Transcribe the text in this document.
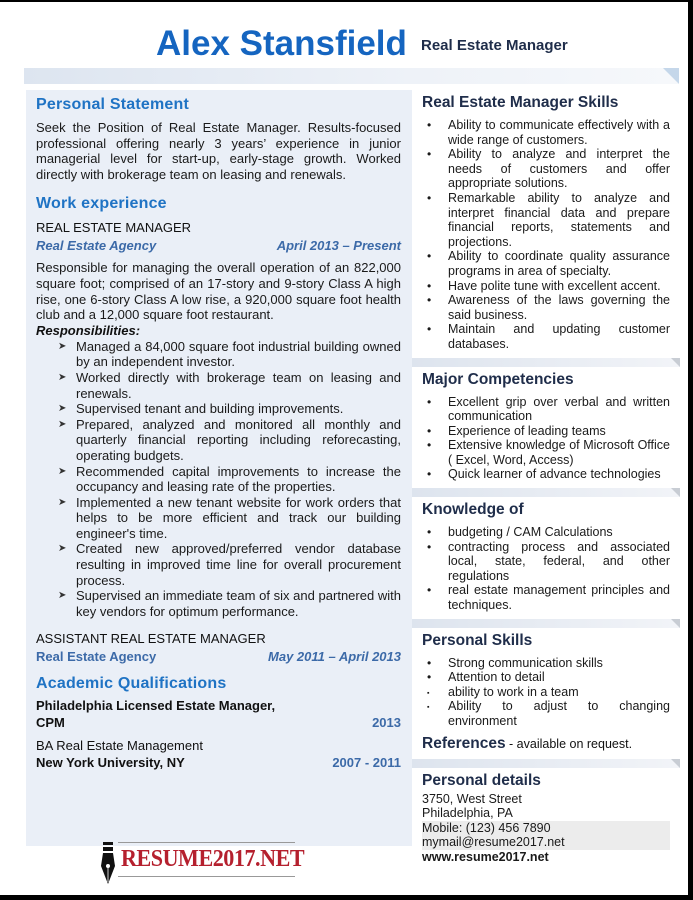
Alex Stansfield Real Estate Manager
Personal Statement
Seek the Position of Real Estate Manager. Results-focused professional offering nearly 3 years’ experience in junior managerial level for start-up, early-stage growth. Worked directly with brokerage team on leasing and renewals.
Work experience
REAL ESTATE MANAGER
Real Estate Agency	April 2013 – Present
Responsible for managing the overall operation of an 822,000 square foot; comprised of an 17-story and 9-story Class A high rise, one 6-story Class A low rise, a 920,000 square foot health club and a 12,000 square foot restaurant.
Responsibilities:
➤ Managed a 84,000 square foot industrial building owned by an independent investor.
➤ Worked directly with brokerage team on leasing and renewals.
➤ Supervised tenant and building improvements.
➤ Prepared, analyzed and monitored all monthly and quarterly financial reporting including reforecasting, operating budgets.
➤ Recommended capital improvements to increase the occupancy and leasing rate of the properties.
➤ Implemented a new tenant website for work orders that helps to be more efficient and track our building engineer's time.
➤ Created new approved/preferred vendor database resulting in improved time line for overall procurement process.
➤ Supervised an immediate team of six and partnered with key vendors for optimum performance.
ASSISTANT REAL ESTATE MANAGER
Real Estate Agency	May 2011 – April 2013
Academic Qualifications
Philadelphia Licensed Estate Manager,
CPM	2013
BA Real Estate Management
New York University, NY	2007 - 2011
RESUME2017.NET
Real Estate Manager Skills
• Ability to communicate effectively with a wide range of customers.
• Ability to analyze and interpret the needs of customers and offer appropriate solutions.
• Remarkable ability to analyze and interpret financial data and prepare financial reports, statements and projections.
• Ability to coordinate quality assurance programs in area of specialty.
• Have polite tune with excellent accent.
• Awareness of the laws governing the said business.
• Maintain and updating customer databases.
Major Competencies
• Excellent grip over verbal and written communication
• Experience of leading teams
• Extensive knowledge of Microsoft Office ( Excel, Word, Access)
• Quick learner of advance technologies
Knowledge of
• budgeting / CAM Calculations
• contracting process and associated local, state, federal, and other regulations
• real estate management principles and techniques.
Personal Skills
• Strong communication skills
• Attention to detail
▪ ability to work in a team
▪ Ability to adjust to changing environment
References - available on request.
Personal details
3750, West Street
Philadelphia, PA
Mobile: (123) 456 7890
mymail@resume2017.net
www.resume2017.net
